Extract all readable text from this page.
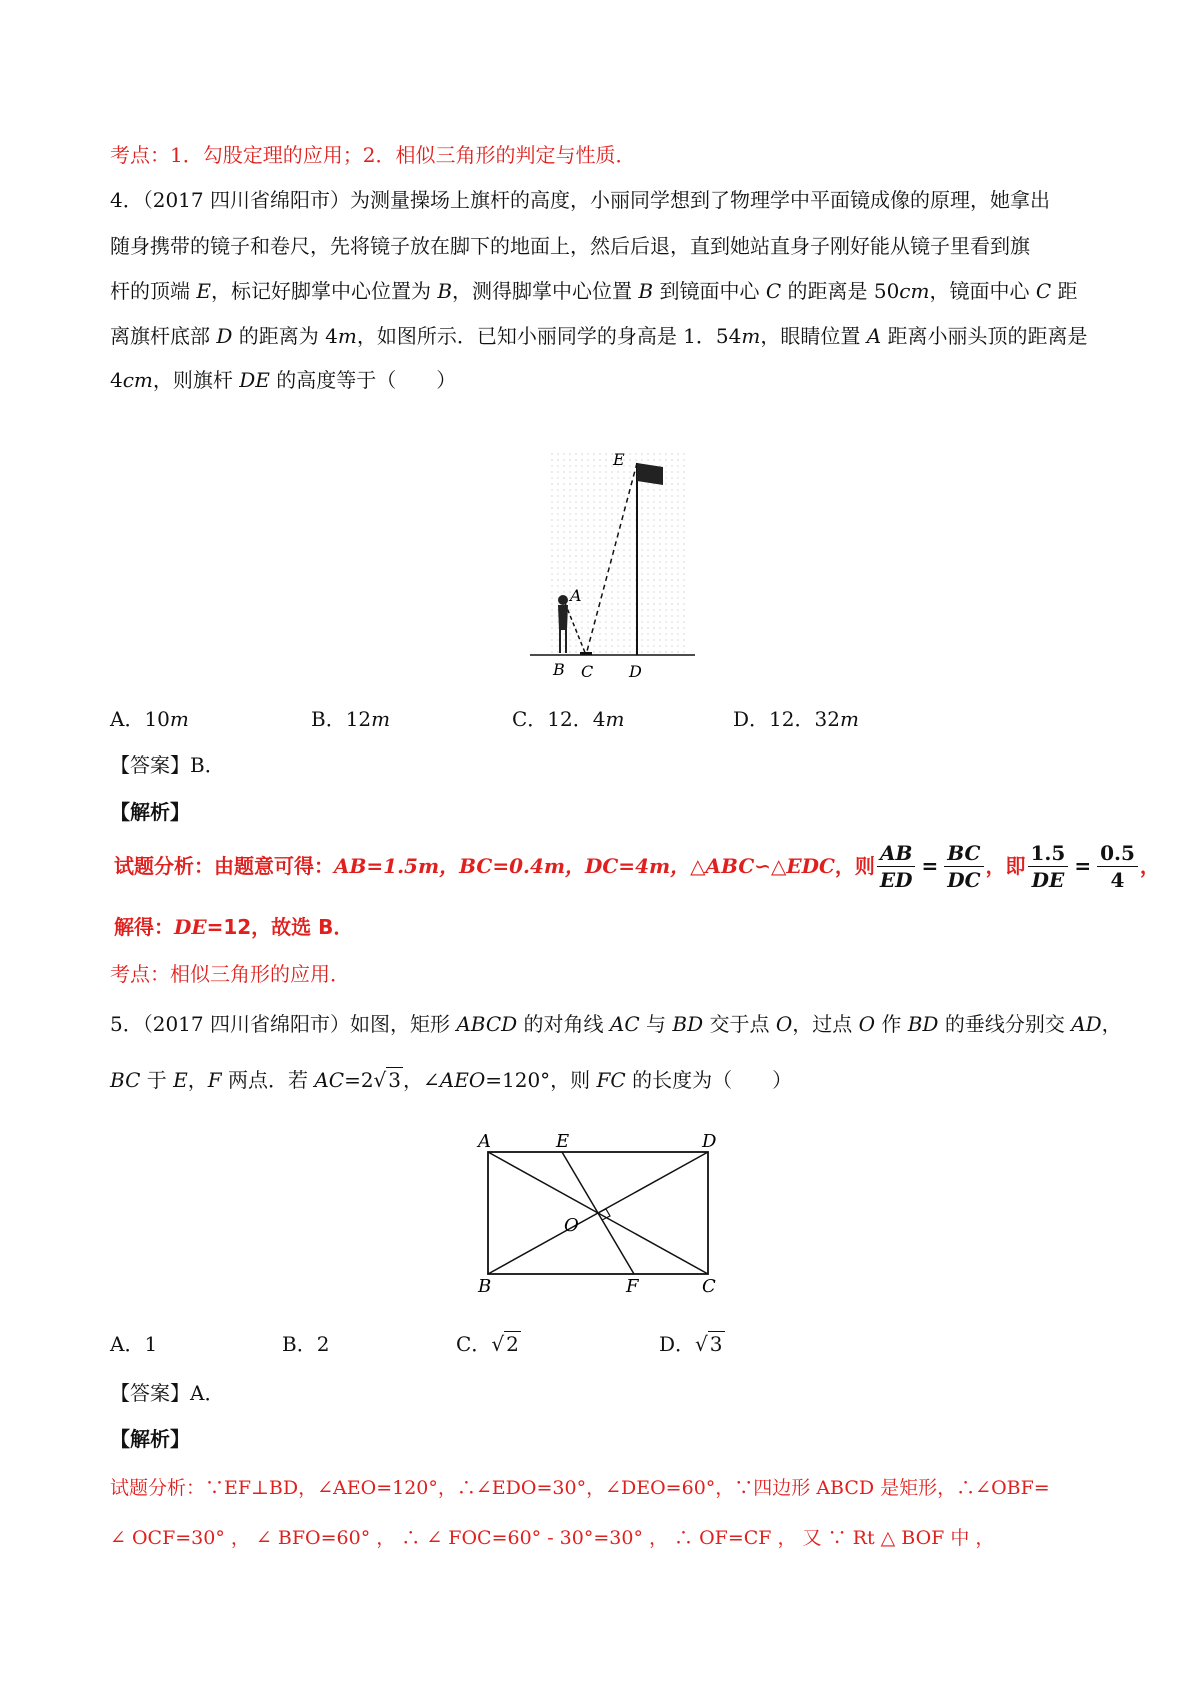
考点：1．勾股定理的应用；2．相似三角形的判定与性质．
4．（2017 四川省绵阳市）为测量操场上旗杆的高度，小丽同学想到了物理学中平面镜成像的原理，她拿出
随身携带的镜子和卷尺，先将镜子放在脚下的地面上，然后后退，直到她站直身子刚好能从镜子里看到旗
杆的顶端 E，标记好脚掌中心位置为 B，测得脚掌中心位置 B 到镜面中心 C 的距离是 50cm，镜面中心 C 距
离旗杆底部 D 的距离为 4m，如图所示．已知小丽同学的身高是 1．54m，眼睛位置 A 距离小丽头顶的距离是
4cm，则旗杆 DE 的高度等于（　　）
E
A
B C D
A．10m	B．12m	C．12．4m	D．12．32m
【答案】B．
【解析】
试题分析：由题意可得： AB=1.5m，BC=0.4m，DC=4m，△ABC∽△EDC ，则 $\frac{AB}{ED} = \frac{BC}{DC}$ ，即 $\frac{1.5}{DE} = \frac{0.5}{4}$ ，
解得：DE=12，故选 B．
考点：相似三角形的应用．
5．（2017 四川省绵阳市）如图，矩形 ABCD 的对角线 AC 与 BD 交于点 O，过点 O 作 BD 的垂线分别交 AD，
BC 于 E，F 两点．若 AC=2√ 3 ，∠AEO=120°，则 FC 的长度为（　　）
A	E	D
O
B	F	C
A．1	B．2	C．√ 2	D．√ 3
【答案】A．
【解析】
试题分析：∵EF⊥BD，∠AEO=120°，∴∠EDO=30°，∠DEO=60°，∵四边形 ABCD 是矩形，∴∠OBF=
∠ OCF=30° ， ∠ BFO=60° ， ∴ ∠ FOC=60° - 30°=30° ， ∴ OF=CF ， 又 ∵ Rt △ BOF 中 ，
